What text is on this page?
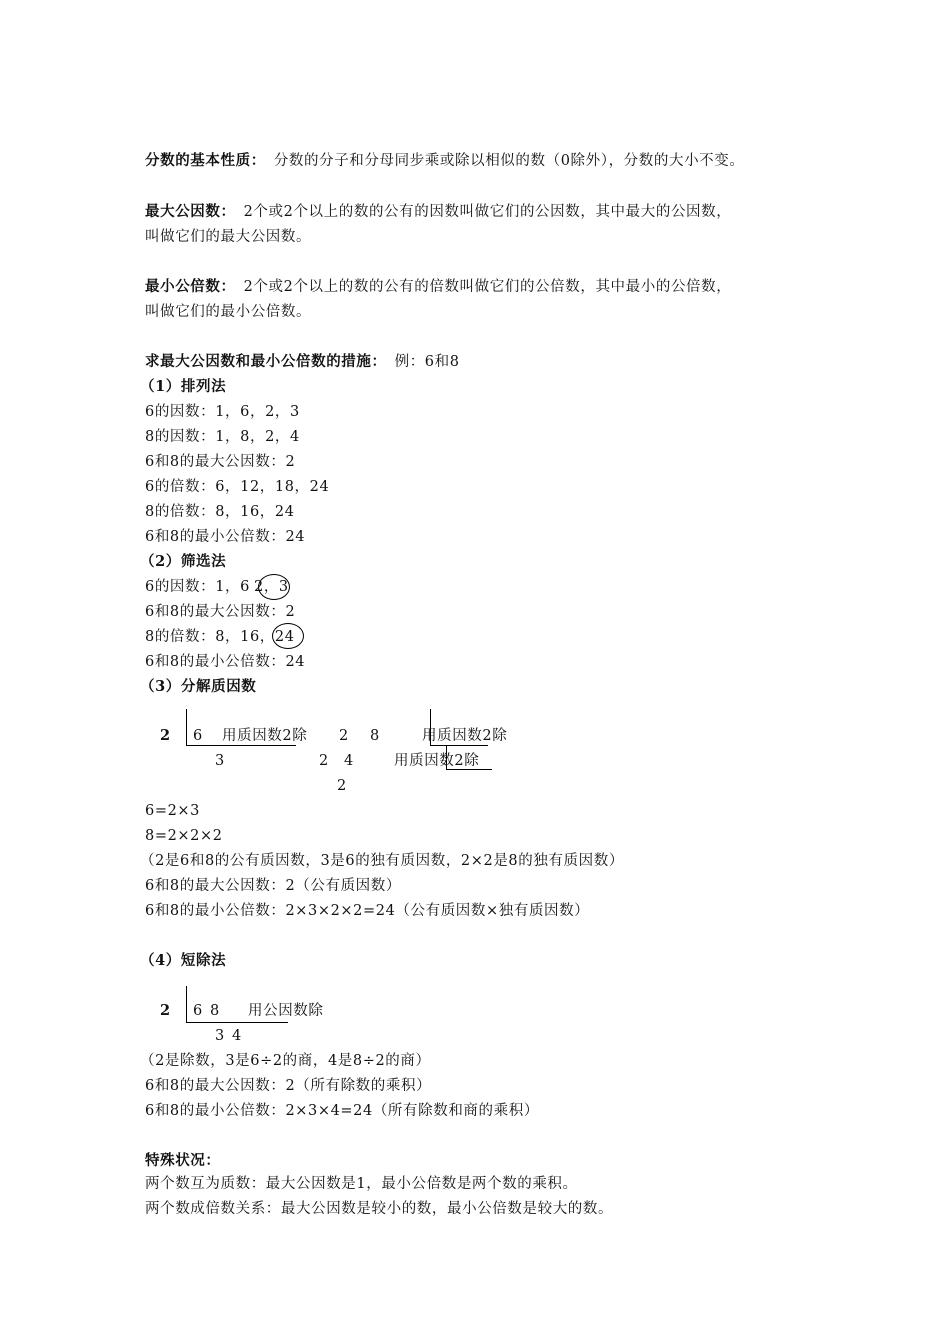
分数的基本性质： 分数的分子和分母同步乘或除以相似的数（0除外），分数的大小不变。
最大公因数： 2个或2个以上的数的公有的因数叫做它们的公因数，其中最大的公因数，
叫做它们的最大公因数。
最小公倍数： 2个或2个以上的数的公有的倍数叫做它们的公倍数，其中最小的公倍数，
叫做它们的最小公倍数。
求最大公因数和最小公倍数的措施： 例：6和8
（1）排列法
6的因数：1，6，2，3
8的因数：1，8，2，4
6和8的最大公因数：2
6的倍数：6，12，18，24
8的倍数：8，16，24
6和8的最小公倍数：24
（2）筛选法
6的因数：1，6 2，3
6和8的最大公因数：2
8的倍数：8，16，24
6和8的最小公倍数：24
（3）分解质因数
2 6 用质因数2除
3
2 8	用质因数2除
2 4	用质因数2除
2
6=2×3
8=2×2×2
（2是6和8的公有质因数，3是6的独有质因数，2×2是8的独有质因数）
6和8的最大公因数：2（公有质因数）
6和8的最小公倍数：2×3×2×2=24（公有质因数×独有质因数）
（4）短除法
2 6 8 用公因数除
3 4
（2是除数，3是6÷2的商，4是8÷2的商）
6和8的最大公因数：2（所有除数的乘积）
6和8的最小公倍数：2×3×4=24（所有除数和商的乘积）
特殊状况：
两个数互为质数：最大公因数是1，最小公倍数是两个数的乘积。
两个数成倍数关系：最大公因数是较小的数，最小公倍数是较大的数。
